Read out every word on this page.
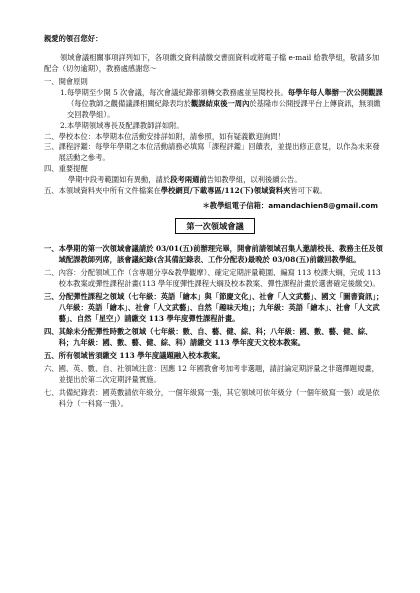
親愛的領召您好：

領域會議相關事項詳列如下，各項繳交資料請繳交書面資料或將電子檔 e-mail 給教學組，敬請多加配合（切勿逾期），教務處感謝您～

一、 開會原則
1. 每學期至少開 5 次會議，每次會議紀錄都須轉交教務處並呈閱校長。每學年每人舉辦一次公開觀課（每位教師之觀備議課相關紀錄表均於觀課結束後一周內於基隆市公開授課平台上傳資訊，無須繳交回教學組）。
2. 本學期領域專長及配課教師詳如附。
二、 學校本位：本學期本位活動安排詳如附，請參照，如有疑義歡迎詢問！
三、 課程評鑑：每學年學期之本位活動請務必填寫「課程評鑑」回饋表，並提出修正意見，以作為未來發展活動之參考。
四、 重要提醒
學期中段考範圍如有異動，請於段考兩週前告知教學組，以利後續公告。
五、 本領域資料夾中所有文件檔案在學校網頁/下載專區/112(下)領域資料夾皆可下載。
＊教學組電子信箱：amandachien8@gmail.com
第一次領域會議
一、 本學期的第一次領域會議請於 03/01(五)前辦理完畢，開會前請領域召集人邀請校長、教務主任及領域配課教師列席，該會議紀錄(含其備記錄表、工作分配表)最晚於 03/08(五)前繳回教學組。
二、 內容：分配領域工作（含專題分享&教學觀摩）、確定定期評量範圍、編寫 113 校課大綱，完成 113 校本教案或彈性課程計畫(113 學年度彈性課程大綱及校本教案、彈性課程計畫於選書確定後繳交)。
三、 分配彈性課程之領域（七年級：英語「繪本」與「節慶文化」、社會「人文武藝」、國文「圖書資訊」；八年級：英語「繪本」、社會「人文武藝」、自然「趣味天地」；九年級：英語「繪本」、社會「人文武藝」、自然「星空」）請繳交 113 學年度彈性課程計畫。
四、 其餘未分配彈性時數之領域（七年級：數、自、藝、健、綜、科；八年級：國、數、藝、健、綜、科；九年級：國、數、藝、健、綜、科）請繳交 113 學年度天文校本教案。
五、 所有領域皆須繳交 113 學年度議題融入校本教案。
六、 國、英、數、自、社領域注意：因應 12 年國教會考加考非選題，請討論定期評量之非選擇題規畫，並提出於第二次定期評量實施。
七、 共備紀錄表：國英數請依年級分，一個年級寫一張，其它領域可依年級分（一個年級寫一張）或是依科分（一科寫一張）。
